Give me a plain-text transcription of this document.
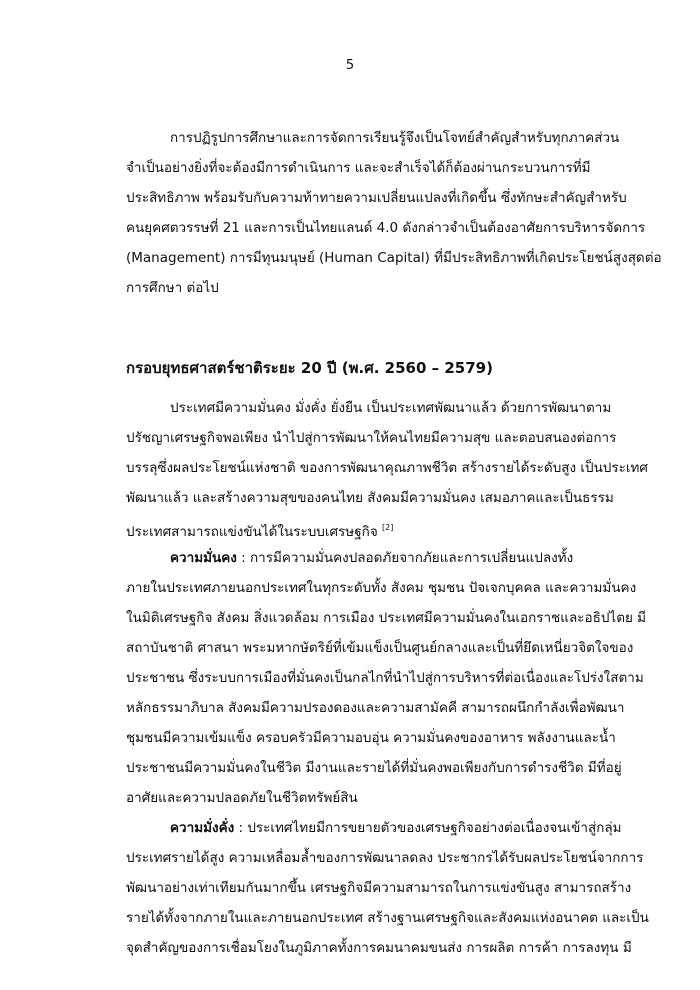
5
การปฏิรูปการศึกษาและการจัดการเรียนรู้จึงเป็นโจทย์สำคัญสำหรับทุกภาคส่วน
จำเป็นอย่างยิ่งที่จะต้องมีการดำเนินการ และจะสำเร็จได้ก็ต้องผ่านกระบวนการที่มี
ประสิทธิภาพ พร้อมรับกับความท้าทายความเปลี่ยนแปลงที่เกิดขึ้น ซึ่งทักษะสำคัญสำหรับ
คนยุคศตวรรษที่ 21 และการเป็นไทยแลนด์ 4.0 ดังกล่าวจำเป็นต้องอาศัยการบริหารจัดการ
(Management) การมีทุนมนุษย์ (Human Capital) ที่มีประสิทธิภาพที่เกิดประโยชน์สูงสุดต่อ
การศึกษา ต่อไป
กรอบยุทธศาสตร์ชาติระยะ 20 ปี (พ.ศ. 2560 – 2579)
ประเทศมีความมั่นคง มั่งคั่ง ยั่งยืน เป็นประเทศพัฒนาแล้ว ด้วยการพัฒนาตาม
ปรัชญาเศรษฐกิจพอเพียง นำไปสู่การพัฒนาให้คนไทยมีความสุข และตอบสนองต่อการ
บรรลุซึ่งผลประโยชน์แห่งชาติ ของการพัฒนาคุณภาพชีวิต สร้างรายได้ระดับสูง เป็นประเทศ
พัฒนาแล้ว และสร้างความสุขของคนไทย สังคมมีความมั่นคง เสมอภาคและเป็นธรรม
ประเทศสามารถแข่งขันได้ในระบบเศรษฐกิจ [2]
ความมั่นคง : การมีความมั่นคงปลอดภัยจากภัยและการเปลี่ยนแปลงทั้ง
ภายในประเทศภายนอกประเทศในทุกระดับทั้ง สังคม ชุมชน ปัจเจกบุคคล และความมั่นคง
ในมิติเศรษฐกิจ สังคม สิ่งแวดล้อม การเมือง ประเทศมีความมั่นคงในเอกราชและอธิปไตย มี
สถาบันชาติ ศาสนา พระมหากษัตริย์ที่เข้มแข็งเป็นศูนย์กลางและเป็นที่ยึดเหนี่ยวจิตใจของ
ประชาชน ซึ่งระบบการเมืองที่มั่นคงเป็นกลไกที่นำไปสู่การบริหารที่ต่อเนื่องและโปร่งใสตาม
หลักธรรมาภิบาล สังคมมีความปรองดองและความสามัคคี สามารถผนึกกำลังเพื่อพัฒนา
ชุมชนมีความเข้มแข็ง ครอบครัวมีความอบอุ่น ความมั่นคงของอาหาร พลังงานและน้ำ
ประชาชนมีความมั่นคงในชีวิต มีงานและรายได้ที่มั่นคงพอเพียงกับการดำรงชีวิต มีที่อยู่
อาศัยและความปลอดภัยในชีวิตทรัพย์สิน
ความมั่งคั่ง : ประเทศไทยมีการขยายตัวของเศรษฐกิจอย่างต่อเนื่องจนเข้าสู่กลุ่ม
ประเทศรายได้สูง ความเหลื่อมล้ำของการพัฒนาลดลง ประชากรได้รับผลประโยชน์จากการ
พัฒนาอย่างเท่าเทียมกันมากขึ้น เศรษฐกิจมีความสามารถในการแข่งขันสูง สามารถสร้าง
รายได้ทั้งจากภายในและภายนอกประเทศ สร้างฐานเศรษฐกิจและสังคมแห่งอนาคต และเป็น
จุดสำคัญของการเชื่อมโยงในภูมิภาคทั้งการคมนาคมขนส่ง การผลิต การค้า การลงทุน มี
